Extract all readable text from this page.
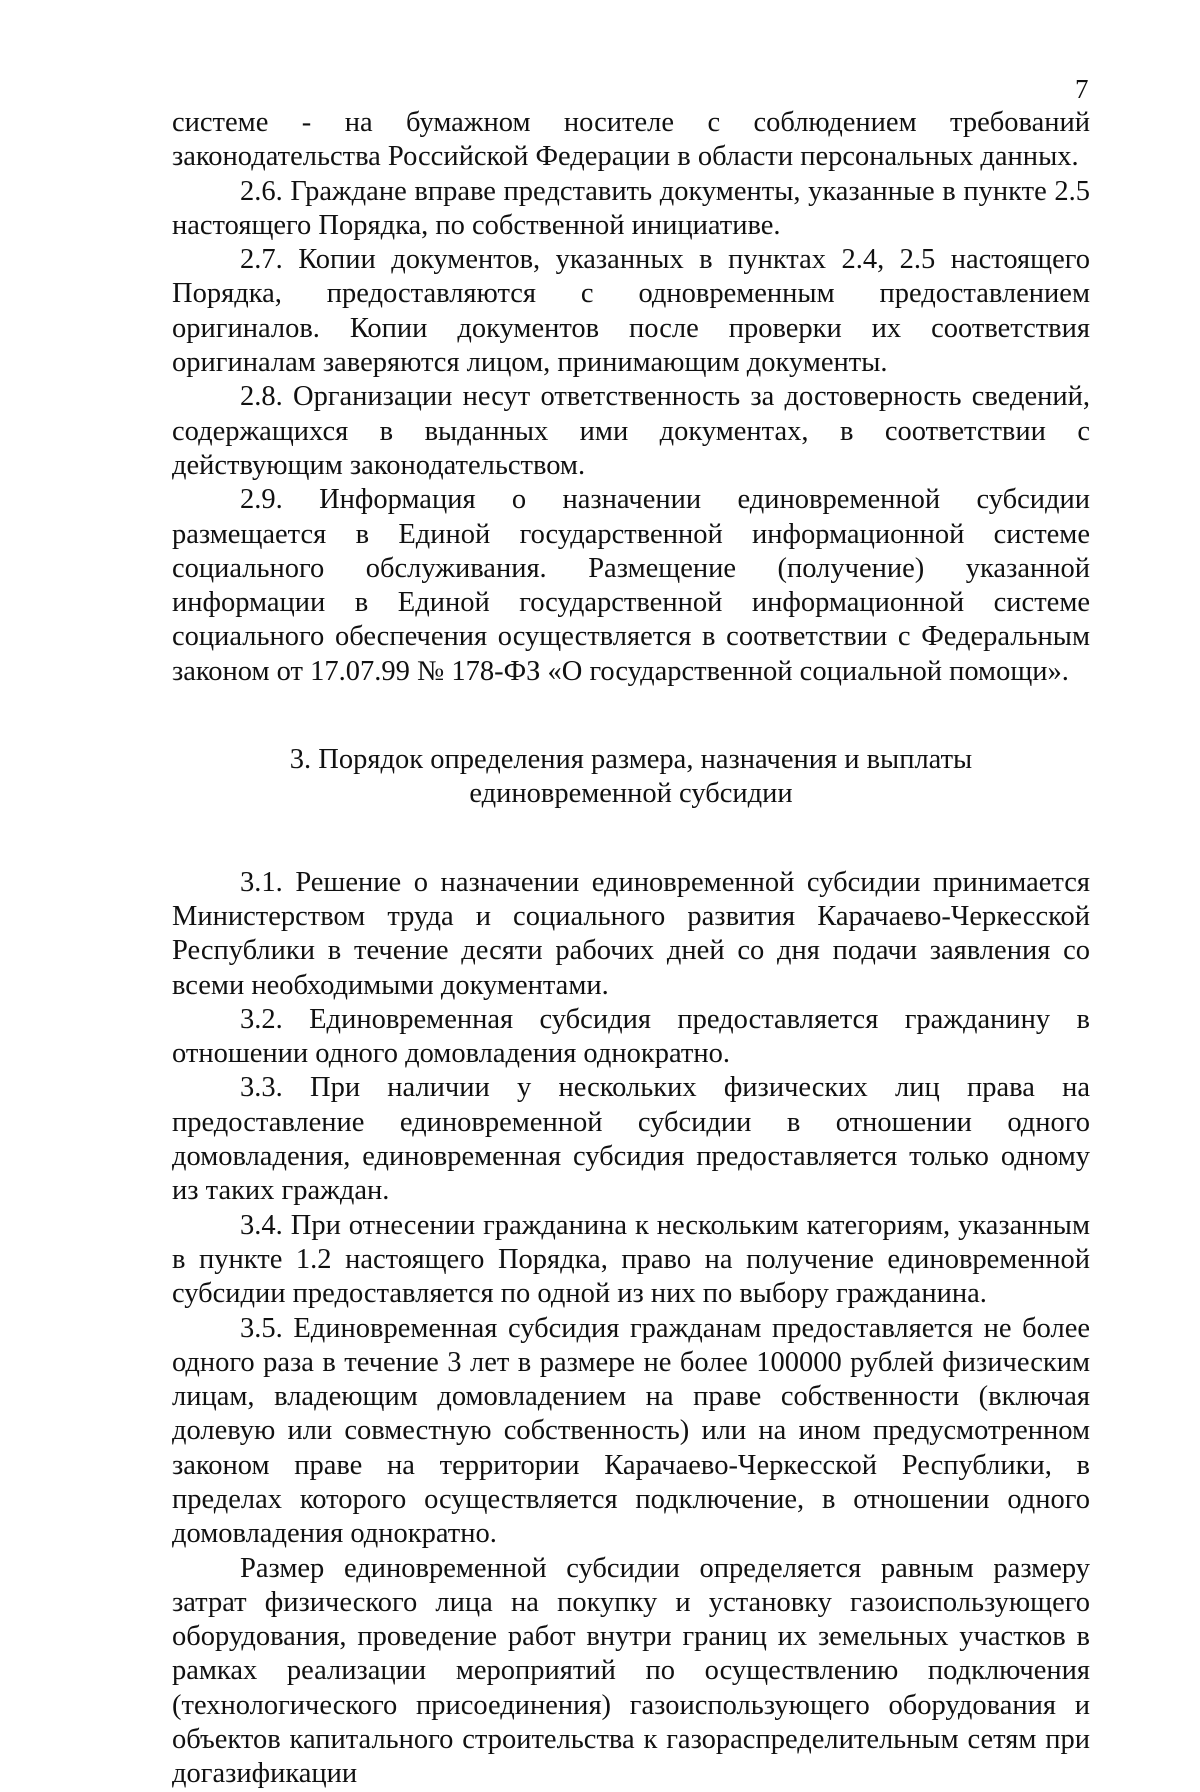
7

системе - на бумажном носителе с соблюдением требований законодательства Российской Федерации в области персональных данных.

2.6. Граждане вправе представить документы, указанные в пункте 2.5 настоящего Порядка, по собственной инициативе.

2.7. Копии документов, указанных в пунктах 2.4, 2.5 настоящего Порядка, предоставляются с одновременным предоставлением оригиналов. Копии документов после проверки их соответствия оригиналам заверяются лицом, принимающим документы.

2.8. Организации несут ответственность за достоверность сведений, содержащихся в выданных ими документах, в соответствии с действующим законодательством.

2.9. Информация о назначении единовременной субсидии размещается в Единой государственной информационной системе социального обслуживания. Размещение (получение) указанной информации в Единой государственной информационной системе социального обеспечения осуществляется в соответствии с Федеральным законом от 17.07.99 № 178-ФЗ «О государственной социальной помощи».

3. Порядок определения размера, назначения и выплаты
единовременной субсидии

3.1. Решение о назначении единовременной субсидии принимается Министерством труда и социального развития Карачаево-Черкесской Республики в течение десяти рабочих дней со дня подачи заявления со всеми необходимыми документами.

3.2. Единовременная субсидия предоставляется гражданину в отношении одного домовладения однократно.

3.3. При наличии у нескольких физических лиц права на предоставление единовременной субсидии в отношении одного домовладения, единовременная субсидия предоставляется только одному из таких граждан.

3.4. При отнесении гражданина к нескольким категориям, указанным в пункте 1.2 настоящего Порядка, право на получение единовременной субсидии предоставляется по одной из них по выбору гражданина.

3.5. Единовременная субсидия гражданам предоставляется не более одного раза в течение 3 лет в размере не более 100000 рублей физическим лицам, владеющим домовладением на праве собственности (включая долевую или совместную собственность) или на ином предусмотренном законом праве на территории Карачаево-Черкесской Республики, в пределах которого осуществляется подключение, в отношении одного домовладения однократно.

Размер единовременной субсидии определяется равным размеру затрат физического лица на покупку и установку газоиспользующего оборудования, проведение работ внутри границ их земельных участков в рамках реализации мероприятий по осуществлению подключения (технологического присоединения) газоиспользующего оборудования и объектов капитального строительства к газораспределительным сетям при догазификации
